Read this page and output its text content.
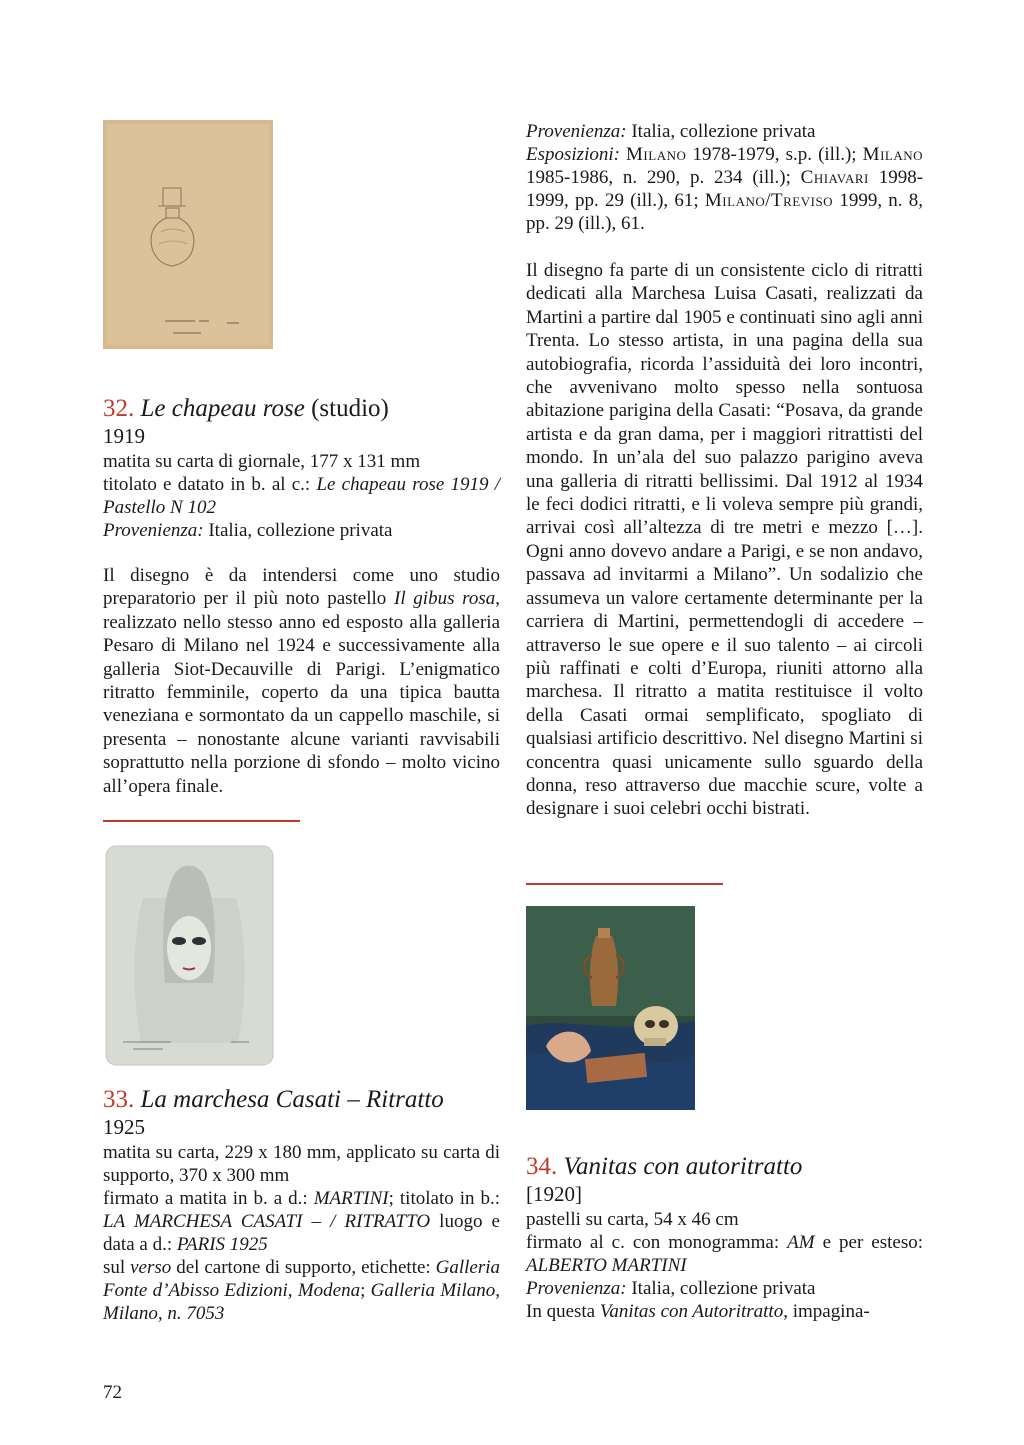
32. Le chapeau rose (studio)
1919

matita su carta di giornale, 177 x 131 mm

titolato e datato in b. al c.: Le chapeau rose 1919 / Pastello N 102

Provenienza: Italia, collezione privata

Il disegno è da intendersi come uno studio preparatorio per il più noto pastello Il gibus rosa, realizzato nello stesso anno ed esposto alla galleria Pesaro di Milano nel 1924 e successivamente alla galleria Siot-Decauville di Parigi. L’enigmatico ritratto femminile, coperto da una tipica bautta veneziana e sormontato da un cappello maschile, si presenta – nonostante alcune varianti ravvisabili soprattutto nella porzione di sfondo – molto vicino all’opera finale.

33. La marchesa Casati – Ritratto
1925

matita su carta, 229 x 180 mm, applicato su carta di supporto, 370 x 300 mm

firmato a matita in b. a d.: MARTINI; titolato in b.: LA MARCHESA CASATI – / RITRATTO luogo e data a d.: PARIS 1925

sul verso del cartone di supporto, etichette: Galleria Fonte d’Abisso Edizioni, Modena; Galleria Milano, Milano, n. 7053

Provenienza: Italia, collezione privata

Esposizioni: Milano 1978-1979, s.p. (ill.); Milano 1985-1986, n. 290, p. 234 (ill.); Chiavari 1998-1999, pp. 29 (ill.), 61; Milano/Treviso 1999, n. 8, pp. 29 (ill.), 61.

Il disegno fa parte di un consistente ciclo di ritratti dedicati alla Marchesa Luisa Casati, realizzati da Martini a partire dal 1905 e continuati sino agli anni Trenta. Lo stesso artista, in una pagina della sua autobiografia, ricorda l’assiduità dei loro incontri, che avvenivano molto spesso nella sontuosa abitazione parigina della Casati: “Posava, da grande artista e da gran dama, per i maggiori ritrattisti del mondo. In un’ala del suo palazzo parigino aveva una galleria di ritratti bellissimi. Dal 1912 al 1934 le feci dodici ritratti, e li voleva sempre più grandi, arrivai così all’altezza di tre metri e mezzo […]. Ogni anno dovevo andare a Parigi, e se non andavo, passava ad invitarmi a Milano”. Un sodalizio che assumeva un valore certamente determinante per la carriera di Martini, permettendogli di accedere – attraverso le sue opere e il suo talento – ai circoli più raffinati e colti d’Europa, riuniti attorno alla marchesa. Il ritratto a matita restituisce il volto della Casati ormai semplificato, spogliato di qualsiasi artificio descrittivo. Nel disegno Martini si concentra quasi unicamente sullo sguardo della donna, reso attraverso due macchie scure, volte a designare i suoi celebri occhi bistrati.

34. Vanitas con autoritratto
[1920]

pastelli su carta, 54 x 46 cm

firmato al c. con monogramma: AM e per esteso: ALBERTO MARTINI

Provenienza: Italia, collezione privata

In questa Vanitas con Autoritratto, impagina-

72
